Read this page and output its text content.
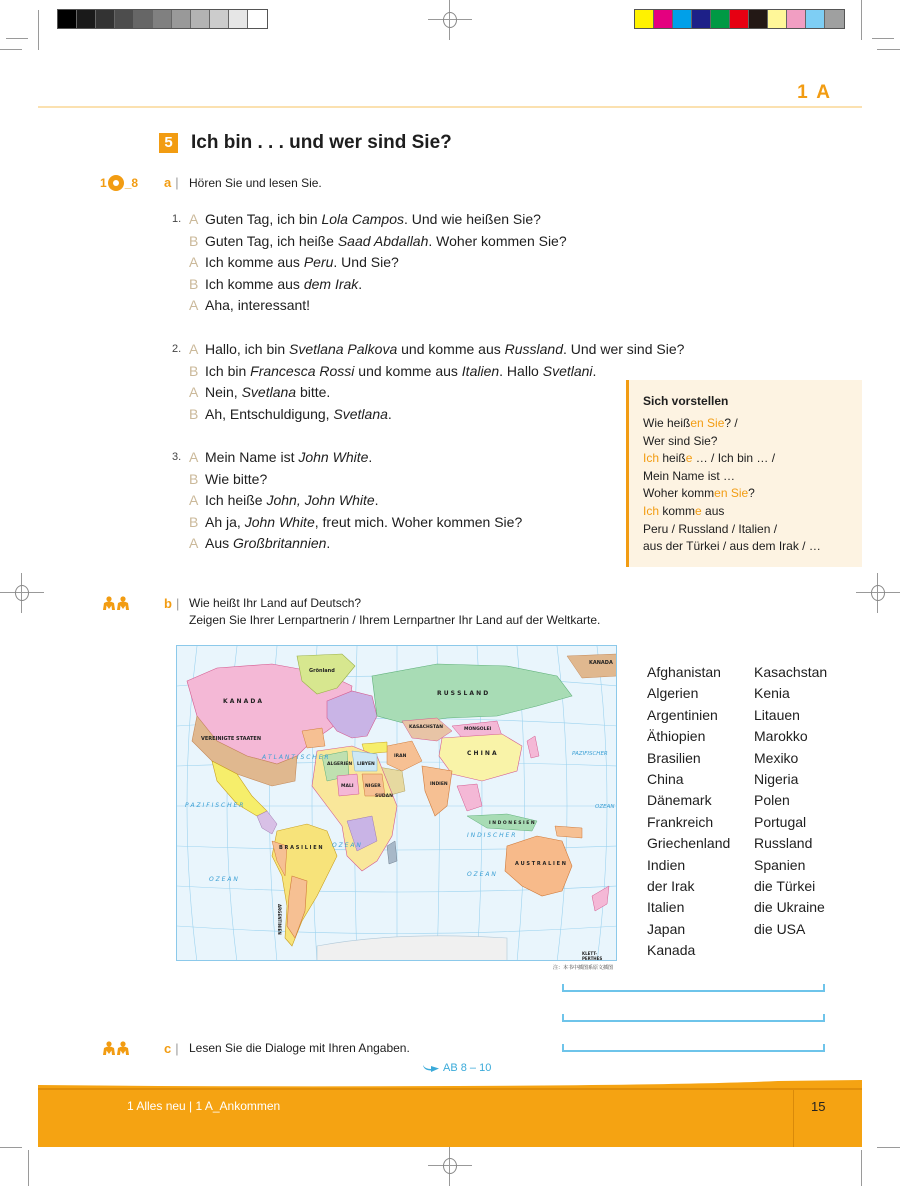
1 A
5 Ich bin . . . und wer sind Sie?
1 _8 a | Hören Sie und lesen Sie.
1. A Guten Tag, ich bin Lola Campos. Und wie heißen Sie?
B Guten Tag, ich heiße Saad Abdallah. Woher kommen Sie?
A Ich komme aus Peru. Und Sie?
B Ich komme aus dem Irak.
A Aha, interessant!
2. A Hallo, ich bin Svetlana Palkova und komme aus Russland. Und wer sind Sie?
B Ich bin Francesca Rossi und komme aus Italien. Hallo Svetlani.
A Nein, Svetlana bitte.
B Ah, Entschuldigung, Svetlana.
3. A Mein Name ist John White.
B Wie bitte?
A Ich heiße John, John White.
B Ah ja, John White, freut mich. Woher kommen Sie?
A Aus Großbritannien.
Sich vorstellen
Wie heißen Sie? /
Wer sind Sie?
Ich heiße … / Ich bin … /
Mein Name ist …
Woher kommen Sie?
Ich komme aus
Peru / Russland / Italien /
aus der Türkei / aus dem Irak / …
b | Wie heißt Ihr Land auf Deutsch?
Zeigen Sie Ihrer Lernpartnerin / Ihrem Lernpartner Ihr Land auf der Weltkarte.
K A N A D A
KANADA
VEREINIGTE STAATEN
Grönland
R U S S L A N D
KASACHSTAN	MONGOLEI
C H I N A
IRAN
INDIEN
ALGERIEN LIBYEN
MALI	NIGER
SUDAN
B R A S I L I E N
ARGENTINIEN
A U S T R A L I E N
I N D O N E S I E N
A T L A N T I S C H E R
P A Z I F I S C H E R
PAZIFISCHER
I N D I S C H E R
O Z E A N
O Z E A N
O Z E A N
OZEAN
KLETT-PERTHES
注：本书中插图系原文插图
Afghanistan
Algerien
Argentinien
Äthiopien
Brasilien
China
Dänemark
Frankreich
Griechenland
Indien
der Irak
Italien
Japan
Kanada
Kasachstan
Kenia
Litauen
Marokko
Mexiko
Nigeria
Polen
Portugal
Russland
Spanien
die Türkei
die Ukraine
die USA
c | Lesen Sie die Dialoge mit Ihren Angaben.
AB 8 – 10
1 Alles neu | 1 A_Ankommen	15
